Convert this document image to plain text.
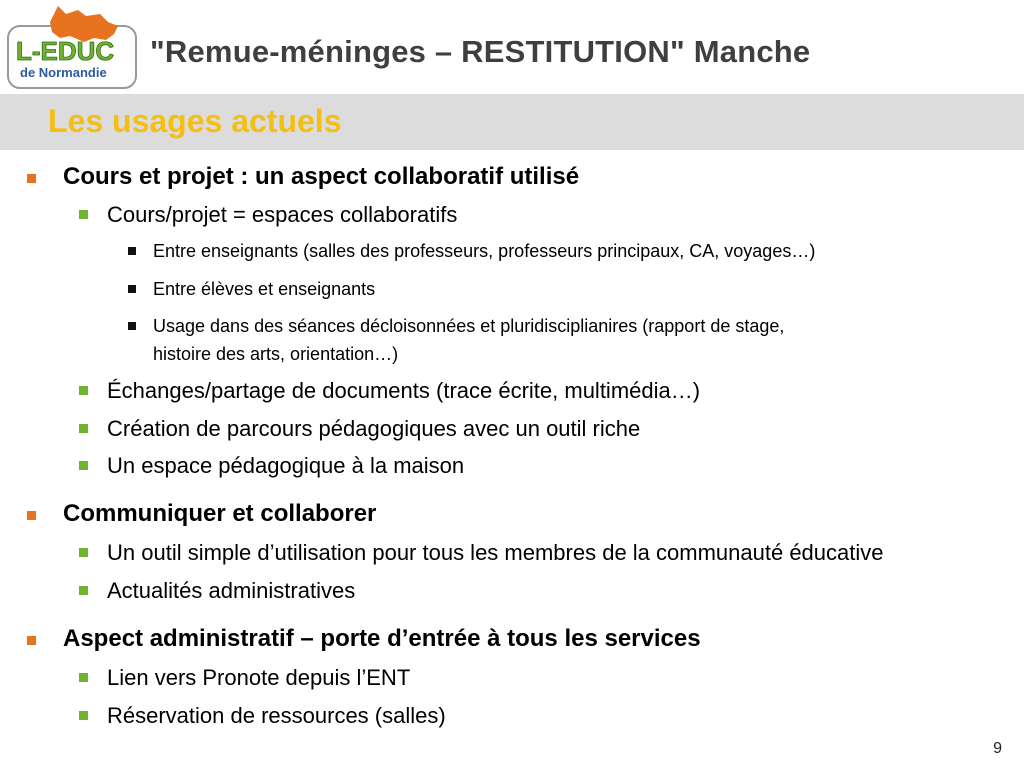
L-EDUC
de Normandie
"Remue-méninges – RESTITUTION" Manche
Les usages actuels
Cours et projet : un aspect collaboratif utilisé
Cours/projet = espaces collaboratifs
Entre enseignants (salles des professeurs, professeurs principaux, CA, voyages…)
Entre élèves et enseignants
Usage dans des séances décloisonnées et pluridisciplianires (rapport de stage,
histoire des arts, orientation…)
Échanges/partage de documents (trace écrite, multimédia…)
Création de parcours pédagogiques avec un outil riche
Un espace pédagogique à la maison
Communiquer et collaborer
Un outil simple d’utilisation pour tous les membres de la communauté éducative
Actualités administratives
Aspect administratif – porte d’entrée à tous les services
Lien vers Pronote depuis l’ENT
Réservation de ressources (salles)
9
